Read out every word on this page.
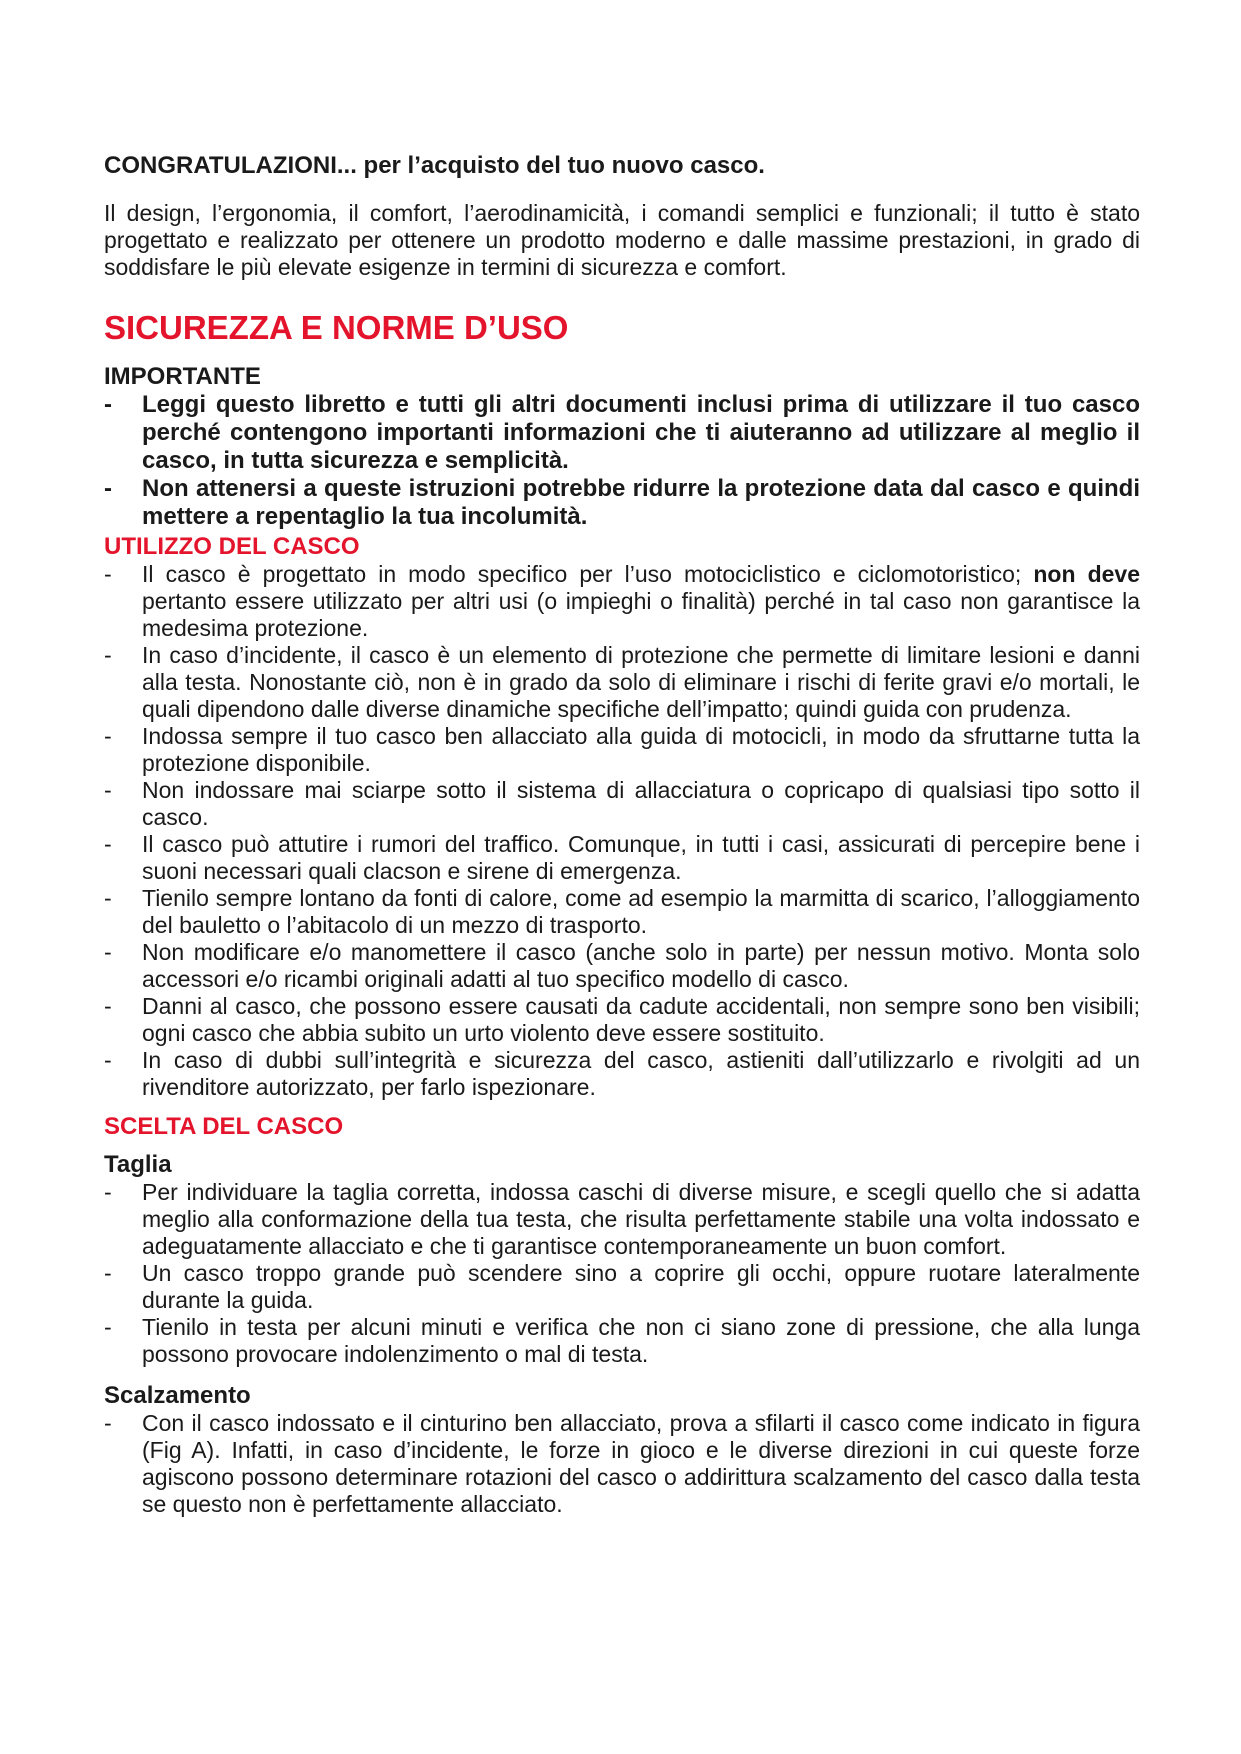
CONGRATULAZIONI... per l’acquisto del tuo nuovo casco.

Il design, l’ergonomia, il comfort, l’aerodinamicità, i comandi semplici e funzionali; il tutto è stato progettato e realizzato per ottenere un prodotto moderno e dalle massime prestazioni, in grado di soddisfare le più elevate esigenze in termini di sicurezza e comfort.

SICUREZZA E NORME D’USO

IMPORTANTE

- Leggi questo libretto e tutti gli altri documenti inclusi prima di utilizzare il tuo casco perché contengono importanti informazioni che ti aiuteranno ad utilizzare al meglio il casco, in tutta sicurezza e semplicità.
- Non attenersi a queste istruzioni potrebbe ridurre la protezione data dal casco e quindi mettere a repentaglio la tua incolumità.
UTILIZZO DEL CASCO
- Il casco è progettato in modo specifico per l’uso motociclistico e ciclomotoristico; non deve pertanto essere utilizzato per altri usi (o impieghi o finalità) perché in tal caso non garantisce la medesima protezione.
- In caso d’incidente, il casco è un elemento di protezione che permette di limitare lesioni e danni alla testa. Nonostante ciò, non è in grado da solo di eliminare i rischi di ferite gravi e/o mortali, le quali dipendono dalle diverse dinamiche specifiche dell’impatto; quindi guida con prudenza.
- Indossa sempre il tuo casco ben allacciato alla guida di motocicli, in modo da sfruttarne tutta la protezione disponibile.
- Non indossare mai sciarpe sotto il sistema di allacciatura o copricapo di qualsiasi tipo sotto il casco.
- Il casco può attutire i rumori del traffico. Comunque, in tutti i casi, assicurati di percepire bene i suoni necessari quali clacson e sirene di emergenza.
- Tienilo sempre lontano da fonti di calore, come ad esempio la marmitta di scarico, l’alloggiamento del bauletto o l’abitacolo di un mezzo di trasporto.
- Non modificare e/o manomettere il casco (anche solo in parte) per nessun motivo. Monta solo accessori e/o ricambi originali adatti al tuo specifico modello di casco.
- Danni al casco, che possono essere causati da cadute accidentali, non sempre sono ben visibili; ogni casco che abbia subito un urto violento deve essere sostituito.
- In caso di dubbi sull’integrità e sicurezza del casco, astieniti dall’utilizzarlo e rivolgiti ad un rivenditore autorizzato, per farlo ispezionare.
SCELTA DEL CASCO

Taglia

- Per individuare la taglia corretta, indossa caschi di diverse misure, e scegli quello che si adatta meglio alla conformazione della tua testa, che risulta perfettamente stabile una volta indossato e adeguatamente allacciato e che ti garantisce contemporaneamente un buon comfort.
- Un casco troppo grande può scendere sino a coprire gli occhi, oppure ruotare lateralmente durante la guida.
- Tienilo in testa per alcuni minuti e verifica che non ci siano zone di pressione, che alla lunga possono provocare indolenzimento o mal di testa.

Scalzamento

- Con il casco indossato e il cinturino ben allacciato, prova a sfilarti il casco come indicato in figura (Fig A). Infatti, in caso d’incidente, le forze in gioco e le diverse direzioni in cui queste forze agiscono possono determinare rotazioni del casco o addirittura scalzamento del casco dalla testa se questo non è perfettamente allacciato.
